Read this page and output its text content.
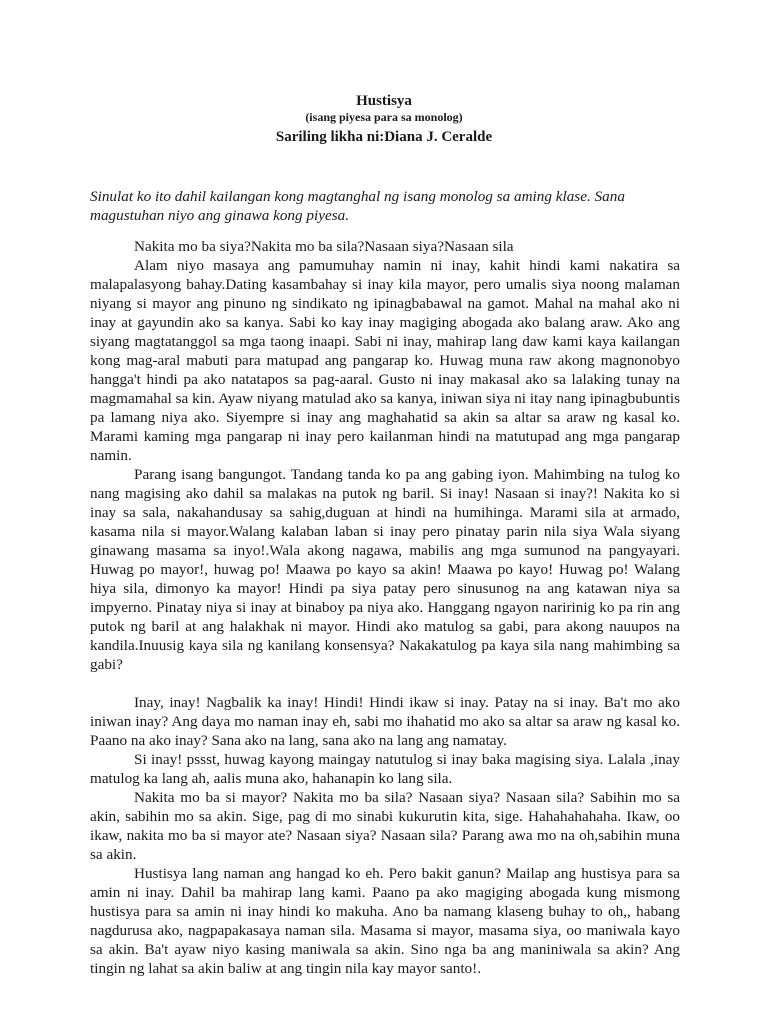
Hustisya

(isang piyesa para sa monolog)

Sariling likha ni:Diana J. Ceralde

Sinulat ko ito dahil kailangan kong magtanghal ng isang monolog sa aming klase. Sana magustuhan niyo ang ginawa kong piyesa.

Nakita mo ba siya?Nakita mo ba sila?Nasaan siya?Nasaan sila

Alam niyo masaya ang pamumuhay namin ni inay, kahit hindi kami nakatira sa malapalasyong bahay.Dating kasambahay si inay kila mayor, pero umalis siya noong malaman niyang si mayor ang pinuno ng sindikato ng ipinagbabawal na gamot. Mahal na mahal ako ni inay at gayundin ako sa kanya. Sabi ko kay inay magiging abogada ako balang araw. Ako ang siyang magtatanggol sa mga taong inaapi. Sabi ni inay, mahirap lang daw kami kaya kailangan kong mag-aral mabuti para matupad ang pangarap ko. Huwag muna raw akong magnonobyo hangga't hindi pa ako natatapos sa pag-aaral. Gusto ni inay makasal ako sa lalaking tunay na magmamahal sa kin. Ayaw niyang matulad ako sa kanya, iniwan siya ni itay nang ipinagbubuntis pa lamang niya ako. Siyempre si inay ang maghahatid sa akin sa altar sa araw ng kasal ko. Marami kaming mga pangarap ni inay pero kailanman hindi na matutupad ang mga pangarap namin.

Parang isang bangungot. Tandang tanda ko pa ang gabing iyon. Mahimbing na tulog ko nang magising ako dahil sa malakas na putok ng baril. Si inay! Nasaan si inay?! Nakita ko si inay sa sala, nakahandusay sa sahig,duguan at hindi na humihinga. Marami sila at armado, kasama nila si mayor.Walang kalaban laban si inay pero pinatay parin nila siya Wala siyang ginawang masama sa inyo!.Wala akong nagawa, mabilis ang mga sumunod na pangyayari. Huwag po mayor!, huwag po! Maawa po kayo sa akin! Maawa po kayo! Huwag po! Walang hiya sila, dimonyo ka mayor! Hindi pa siya patay pero sinusunog na ang katawan niya sa impyerno. Pinatay niya si inay at binaboy pa niya ako. Hanggang ngayon naririnig ko pa rin ang putok ng baril at ang halakhak ni mayor. Hindi ako matulog sa gabi, para akong nauupos na kandila.Inuusig kaya sila ng kanilang konsensya? Nakakatulog pa kaya sila nang mahimbing sa gabi?

Inay, inay! Nagbalik ka inay! Hindi! Hindi ikaw si inay. Patay na si inay. Ba't mo ako iniwan inay? Ang daya mo naman inay eh, sabi mo ihahatid mo ako sa altar sa araw ng kasal ko. Paano na ako inay? Sana ako na lang, sana ako na lang ang namatay.

Si inay! pssst, huwag kayong maingay natutulog si inay baka magising siya. Lalala ,inay matulog ka lang ah, aalis muna ako, hahanapin ko lang sila.

Nakita mo ba si mayor? Nakita mo ba sila? Nasaan siya? Nasaan sila? Sabihin mo sa akin, sabihin mo sa akin. Sige, pag di mo sinabi kukurutin kita, sige. Hahahahahaha. Ikaw, oo ikaw, nakita mo ba si mayor ate? Nasaan siya? Nasaan sila? Parang awa mo na oh,sabihin muna sa akin.

Hustisya lang naman ang hangad ko eh. Pero bakit ganun? Mailap ang hustisya para sa amin ni inay. Dahil ba mahirap lang kami. Paano pa ako magiging abogada kung mismong hustisya para sa amin ni inay hindi ko makuha. Ano ba namang klaseng buhay to oh,, habang nagdurusa ako, nagpapakasaya naman sila. Masama si mayor, masama siya, oo maniwala kayo sa akin. Ba't ayaw niyo kasing maniwala sa akin. Sino nga ba ang maniniwala sa akin? Ang tingin ng lahat sa akin baliw at ang tingin nila kay mayor santo!.
